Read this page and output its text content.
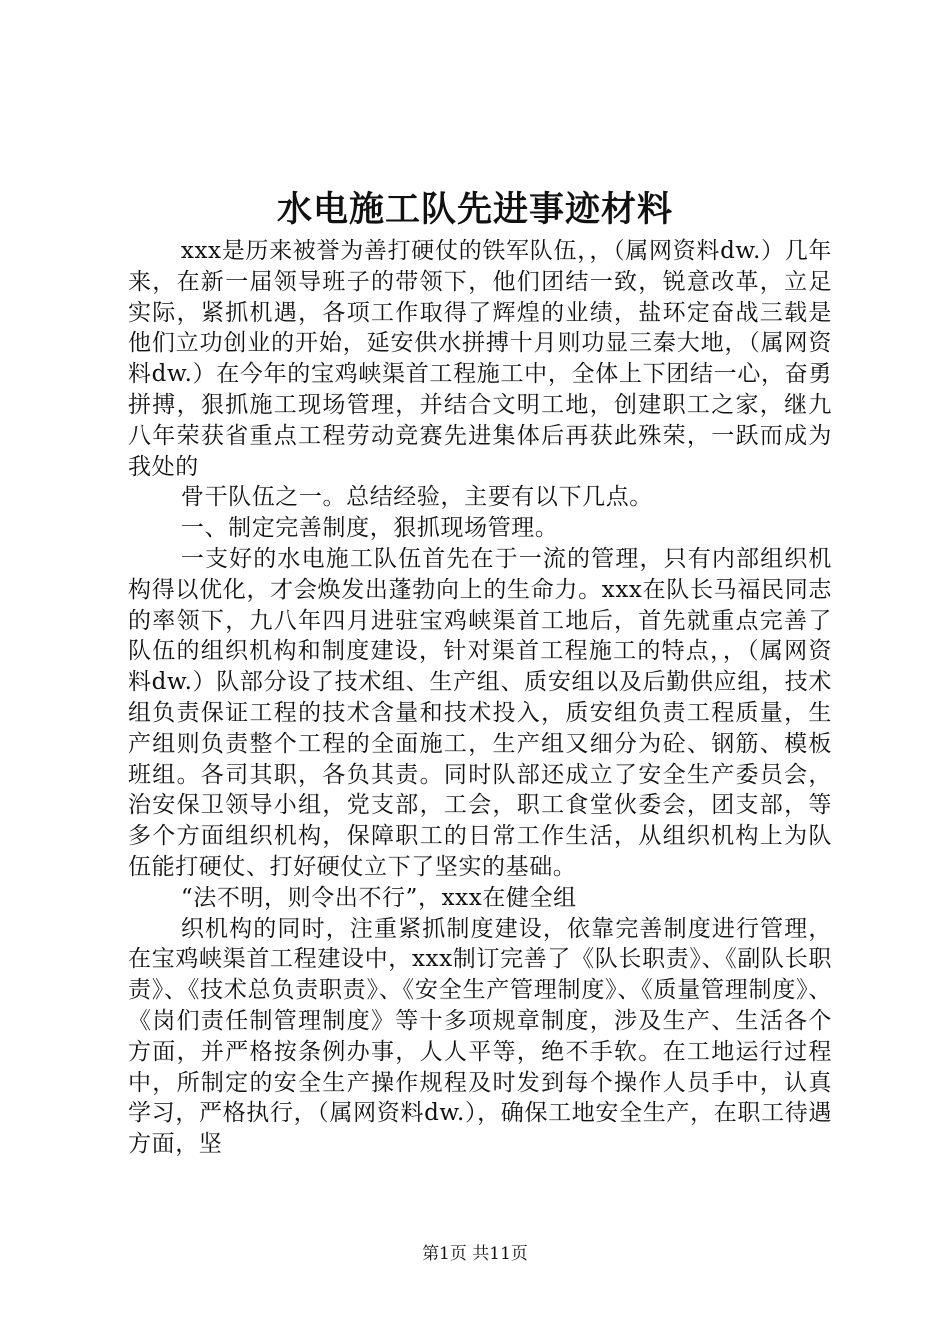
水电施工队先进事迹材料

xxx是历来被誉为善打硬仗的铁军队伍，，（属网资料dw.）几年来，在新一届领导班子的带领下，他们团结一致，锐意改革，立足实际，紧抓机遇，各项工作取得了辉煌的业绩，盐环定奋战三载是他们立功创业的开始，延安供水拼搏十月则功显三秦大地，（属网资料dw.）在今年的宝鸡峡渠首工程施工中，全体上下团结一心，奋勇拼搏，狠抓施工现场管理，并结合文明工地，创建职工之家，继九八年荣获省重点工程劳动竞赛先进集体后再获此殊荣，一跃而成为我处的

骨干队伍之一。总结经验，主要有以下几点。

一、制定完善制度，狠抓现场管理。

一支好的水电施工队伍首先在于一流的管理，只有内部组织机构得以优化，才会焕发出蓬勃向上的生命力。xxx在队长马福民同志的率领下，九八年四月进驻宝鸡峡渠首工地后，首先就重点完善了队伍的组织机构和制度建设，针对渠首工程施工的特点，，（属网资料dw.）队部分设了技术组、生产组、质安组以及后勤供应组，技术组负责保证工程的技术含量和技术投入，质安组负责工程质量，生产组则负责整个工程的全面施工，生产组又细分为砼、钢筋、模板班组。各司其职，各负其责。同时队部还成立了安全生产委员会，治安保卫领导小组，党支部，工会，职工食堂伙委会，团支部，等多个方面组织机构，保障职工的日常工作生活，从组织机构上为队伍能打硬仗、打好硬仗立下了坚实的基础。

“法不明，则令出不行”，xxx在健全组

织机构的同时，注重紧抓制度建设，依靠完善制度进行管理，在宝鸡峡渠首工程建设中，xxx制订完善了《队长职责》、《副队长职责》、《技术总负责职责》、《安全生产管理制度》、《质量管理制度》、《岗们责任制管理制度》等十多项规章制度，涉及生产、生活各个方面，并严格按条例办事，人人平等，绝不手软。在工地运行过程中，所制定的安全生产操作规程及时发到每个操作人员手中，认真学习，严格执行，（属网资料dw.），确保工地安全生产，在职工待遇方面，坚

第1页 共11页
